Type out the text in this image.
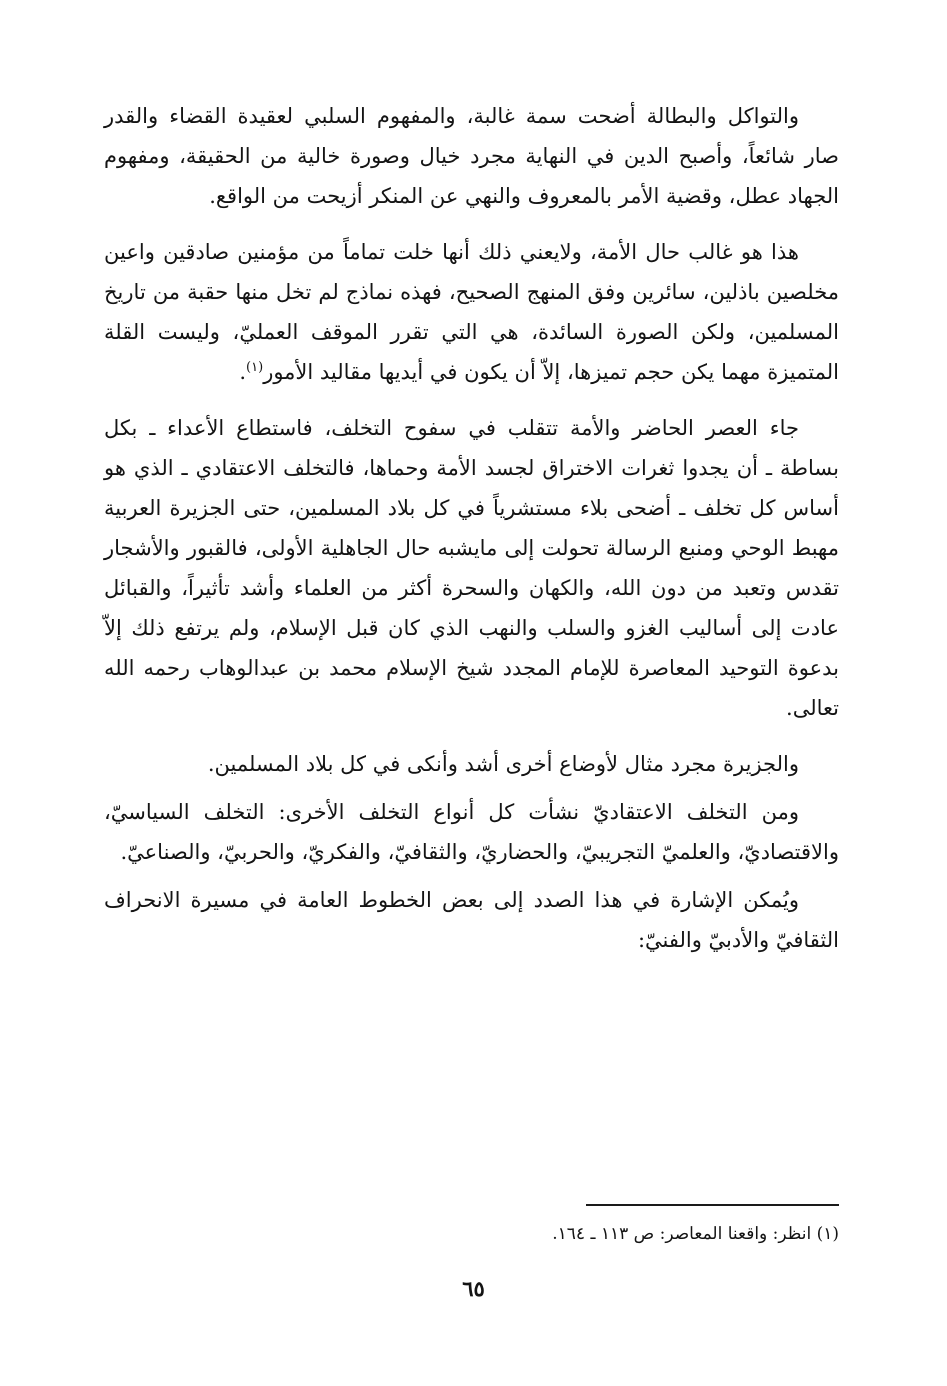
والتواكل والبطالة أضحت سمة غالبة، والمفهوم السلبي لعقيدة القضاء والقدر صار شائعاً، وأصبح الدين في النهاية مجرد خيال وصورة خالية من الحقيقة، ومفهوم الجهاد عطل، وقضية الأمر بالمعروف والنهي عن المنكر أزيحت من الواقع.

هذا هو غالب حال الأمة، ولايعني ذلك أنها خلت تماماً من مؤمنين صادقين واعين مخلصين باذلين، سائرين وفق المنهج الصحيح، فهذه نماذج لم تخل منها حقبة من تاريخ المسلمين، ولكن الصورة السائدة، هي التي تقرر الموقف العمليّ، وليست القلة المتميزة مهما يكن حجم تميزها، إلاّ أن يكون في أيديها مقاليد الأمور$^{(١)}$.

جاء العصر الحاضر والأمة تتقلب في سفوح التخلف، فاستطاع الأعداء ـ بكل بساطة ـ أن يجدوا ثغرات الاختراق لجسد الأمة وحماها، فالتخلف الاعتقادي ـ الذي هو أساس كل تخلف ـ أضحى بلاء مستشرياً في كل بلاد المسلمين، حتى الجزيرة العربية مهبط الوحي ومنبع الرسالة تحولت إلى مايشبه حال الجاهلية الأولى، فالقبور والأشجار تقدس وتعبد من دون الله، والكهان والسحرة أكثر من العلماء وأشد تأثيراً، والقبائل عادت إلى أساليب الغزو والسلب والنهب الذي كان قبل الإسلام، ولم يرتفع ذلك إلاّ بدعوة التوحيد المعاصرة للإمام المجدد شيخ الإسلام محمد بن عبدالوهاب رحمه الله تعالى.

والجزيرة مجرد مثال لأوضاع أخرى أشد وأنكى في كل بلاد المسلمين.

ومن التخلف الاعتقاديّ نشأت كل أنواع التخلف الأخرى: التخلف السياسيّ، والاقتصاديّ، والعلميّ التجريبيّ، والحضاريّ، والثقافيّ، والفكريّ، والحربيّ، والصناعيّ.

ويُمكن الإشارة في هذا الصدد إلى بعض الخطوط العامة في مسيرة الانحراف الثقافيّ والأدبيّ والفنيّ:

(١) انظر: واقعنا المعاصر: ص ١١٣ ـ ١٦٤.
٦٥
